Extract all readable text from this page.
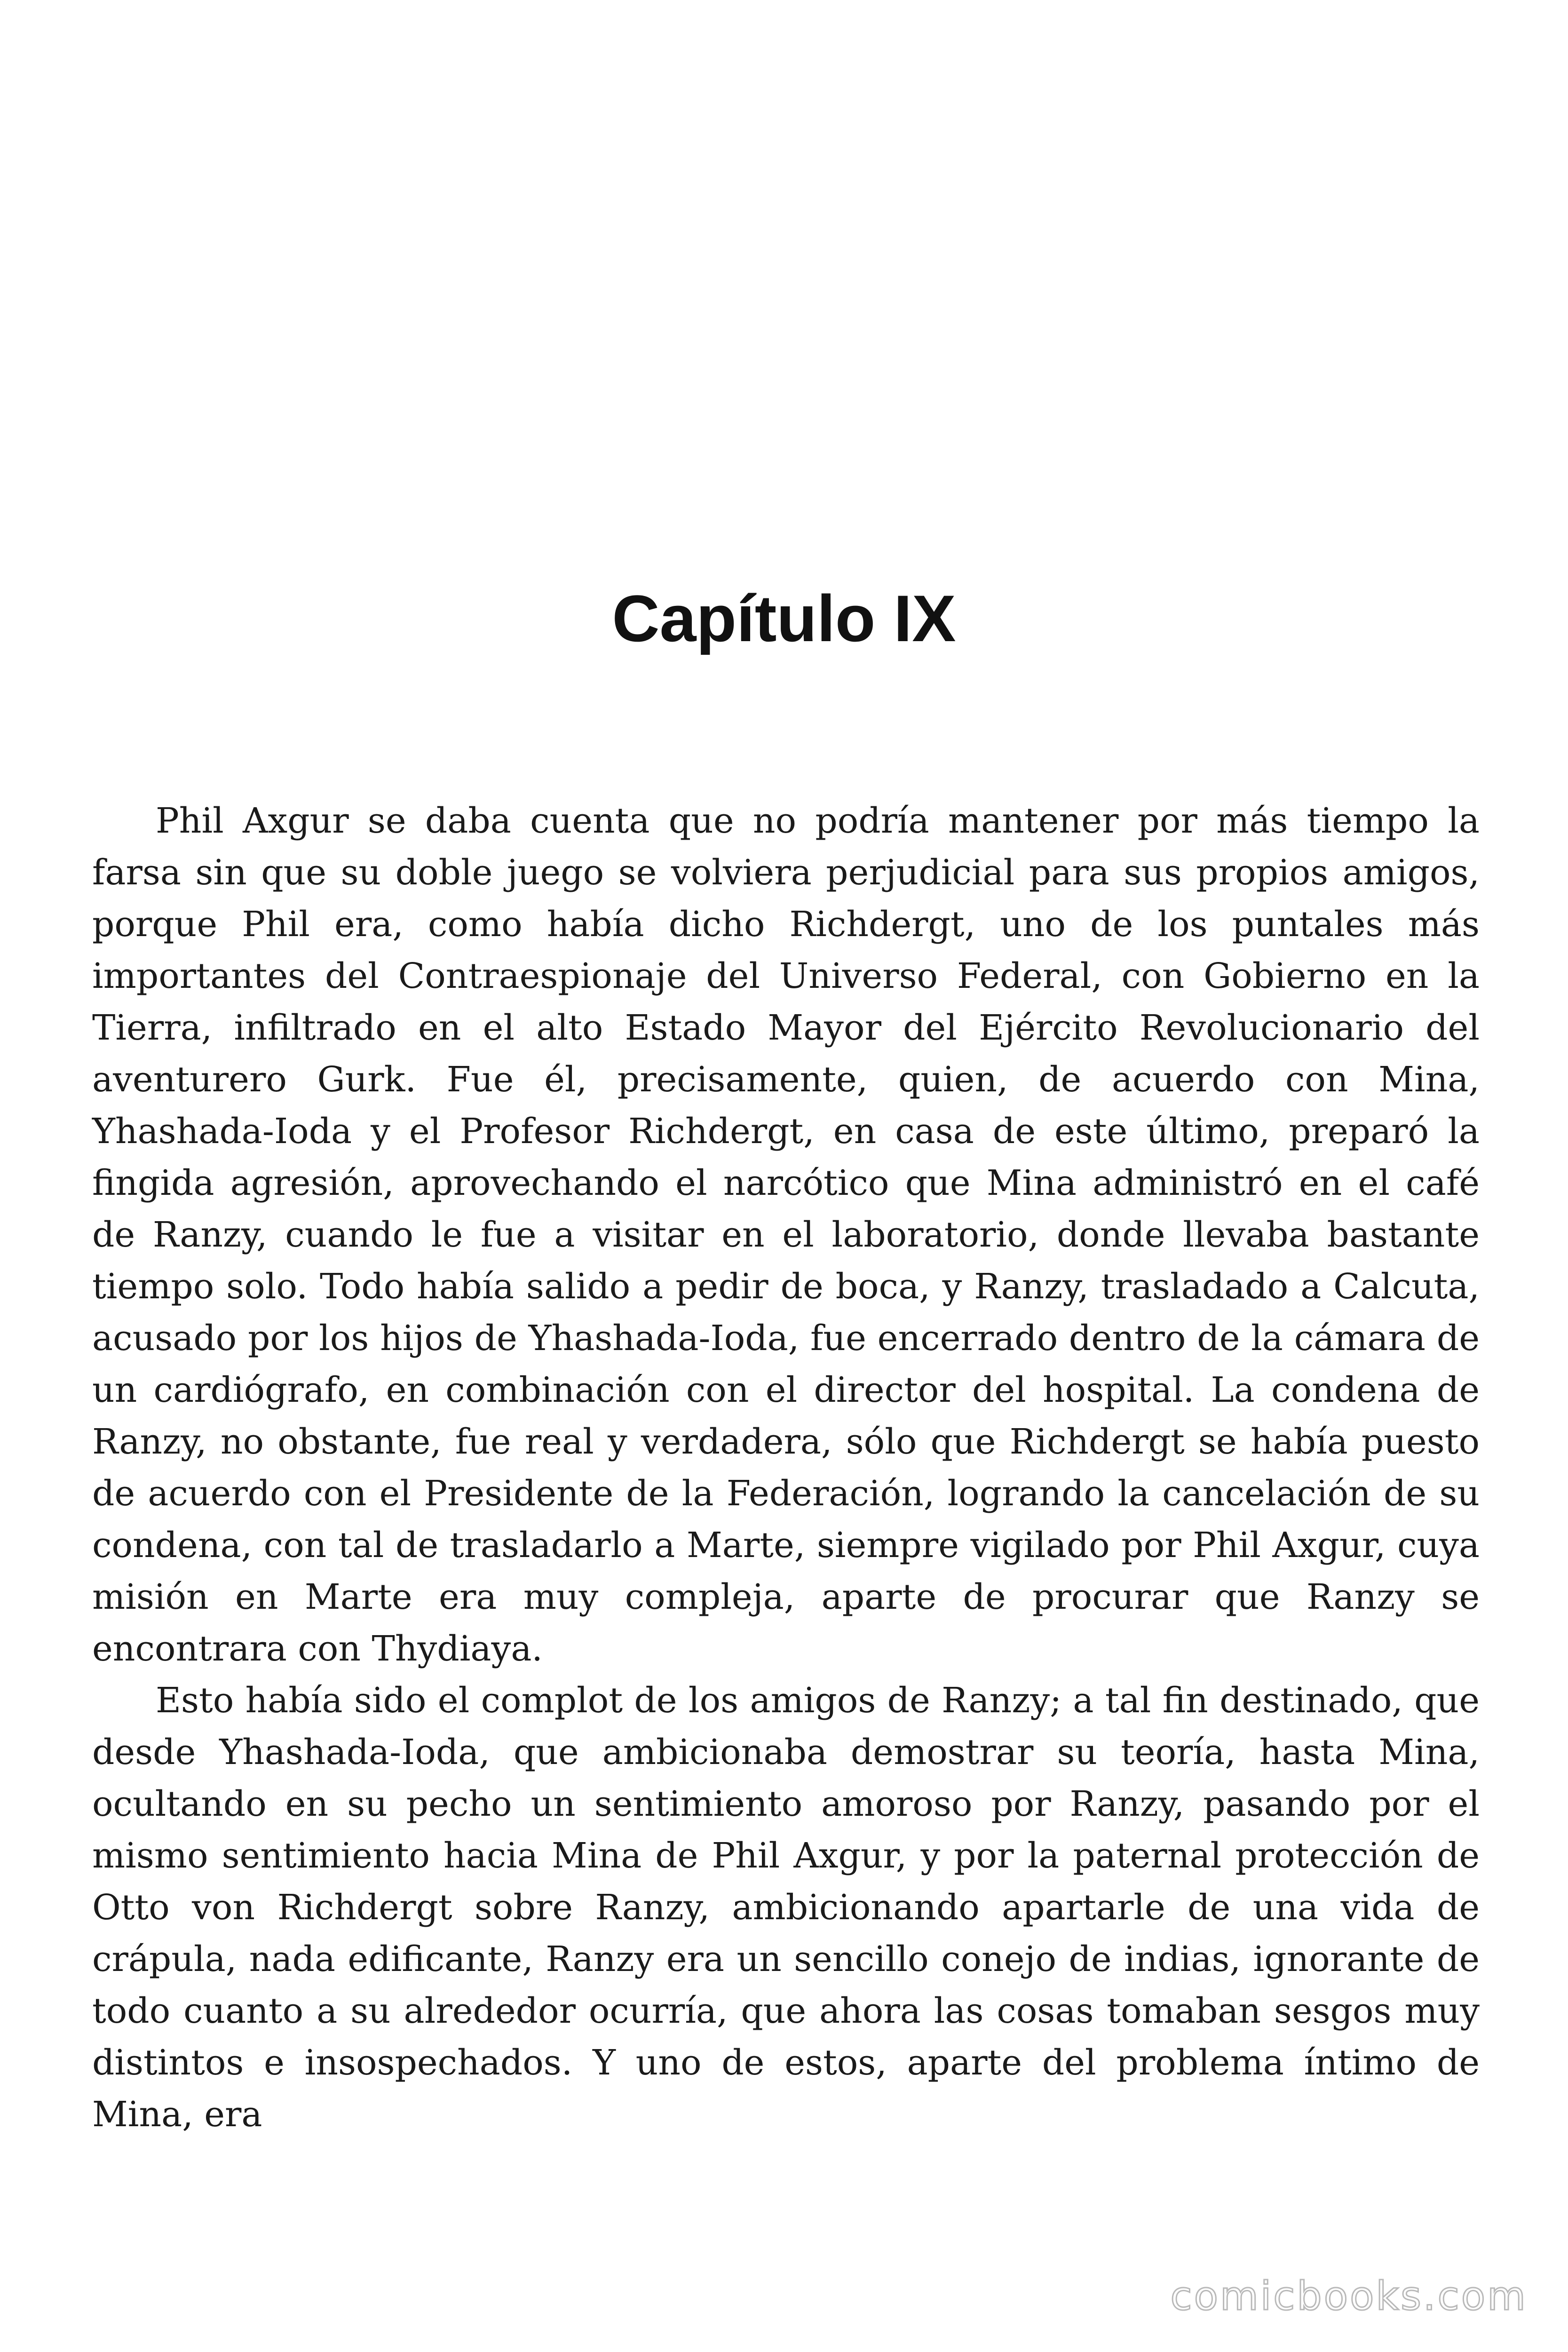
Capítulo IX

Phil Axgur se daba cuenta que no podría mantener por más tiempo la farsa sin que su doble juego se volviera perjudicial para sus propios amigos, porque Phil era, como había dicho Richdergt, uno de los puntales más importantes del Contraespionaje del Universo Federal, con Gobierno en la Tierra, infiltrado en el alto Estado Mayor del Ejército Revolucionario del aventurero Gurk. Fue él, precisamente, quien, de acuerdo con Mina, Yhashada-Ioda y el Profesor Richdergt, en casa de este último, preparó la fingida agresión, aprovechando el narcótico que Mina administró en el café de Ranzy, cuando le fue a visitar en el laboratorio, donde llevaba bastante tiempo solo. Todo había salido a pedir de boca, y Ranzy, trasladado a Calcuta, acusado por los hijos de Yhashada-Ioda, fue encerrado dentro de la cámara de un cardiógrafo, en combinación con el director del hospital. La condena de Ranzy, no obstante, fue real y verdadera, sólo que Richdergt se había puesto de acuerdo con el Presidente de la Federación, logrando la cancelación de su condena, con tal de trasladarlo a Marte, siempre vigilado por Phil Axgur, cuya misión en Marte era muy compleja, aparte de procurar que Ranzy se encontrara con Thydiaya.

Esto había sido el complot de los amigos de Ranzy; a tal fin destinado, que desde Yhashada-Ioda, que ambicionaba demostrar su teoría, hasta Mina, ocultando en su pecho un sentimiento amoroso por Ranzy, pasando por el mismo sentimiento hacia Mina de Phil Axgur, y por la paternal protección de Otto von Richdergt sobre Ranzy, ambicionando apartarle de una vida de crápula, nada edificante, Ranzy era un sencillo conejo de indias, ignorante de todo cuanto a su alrededor ocurría, que ahora las cosas tomaban sesgos muy distintos e insospechados. Y uno de estos, aparte del problema íntimo de Mina, era

comicbooks.com
